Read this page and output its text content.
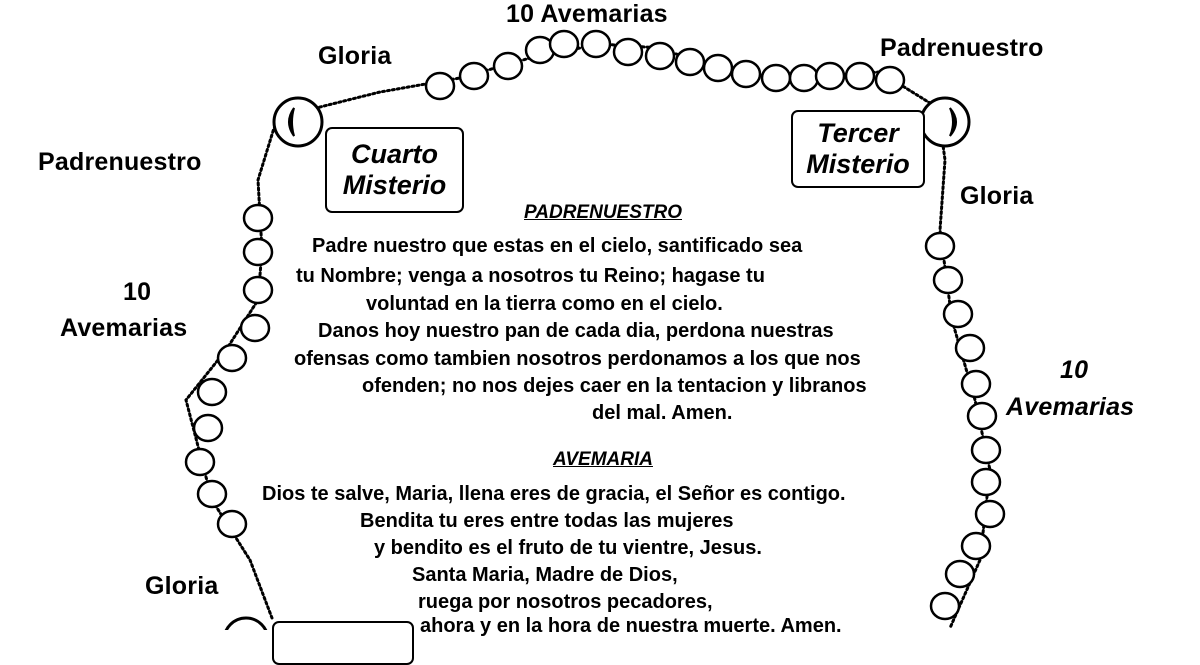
10 Avemarias
Gloria	Padrenuestro
Padrenuestro
Gloria
10
Avemarias
10
Avemarias
Gloria
Cuarto
Misterio
Tercer
Misterio
PADRENUESTRO
Padre nuestro que estas en el cielo, santificado sea
tu Nombre; venga a nosotros tu Reino; hagase tu
voluntad en la tierra como en el cielo.
Danos hoy nuestro pan de cada dia, perdona nuestras
ofensas como tambien nosotros perdonamos a los que nos
ofenden; no nos dejes caer en la tentacion y libranos
del mal. Amen.
AVEMARIA
Dios te salve, Maria, llena eres de gracia, el Señor es contigo.
Bendita tu eres entre todas las mujeres
y bendito es el fruto de tu vientre, Jesus.
Santa Maria, Madre de Dios,
ruega por nosotros pecadores,
ahora y en la hora de nuestra muerte. Amen.
